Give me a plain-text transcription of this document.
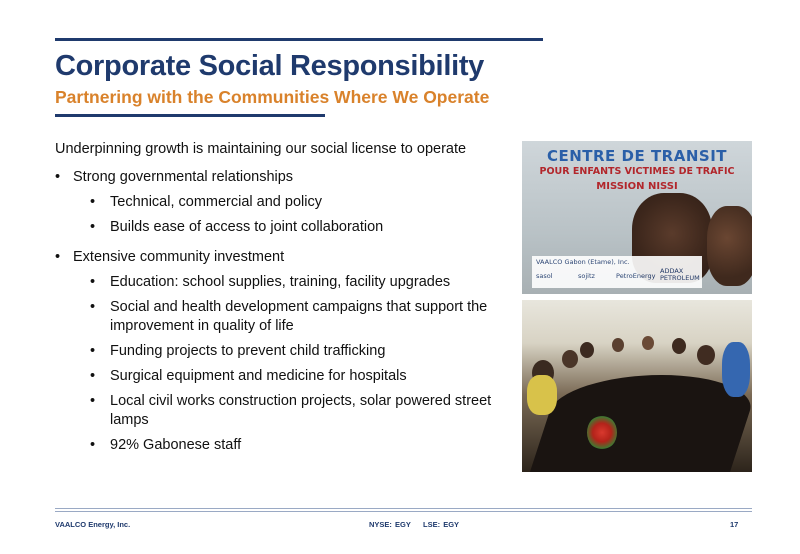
Corporate Social Responsibility
Partnering with the Communities Where We Operate

Underpinning growth is maintaining our social license to operate

• Strong governmental relationships
• Technical, commercial and policy
• Builds ease of access to joint collaboration
• Extensive community investment
• Education: school supplies, training, facility upgrades
• Social and health development campaigns that support the improvement in quality of life
• Funding projects to prevent child trafficking
• Surgical equipment and medicine for hospitals
• Local civil works construction projects, solar powered street lamps
• 92% Gabonese staff
CENTRE DE TRANSIT
POUR ENFANTS VICTIMES DE TRAFIC
MISSION NISSI
VAALCO Gabon (Etame), Inc.
sasol	sojitz	PetroEnergy
ADDAX PETROLEUM
VAALCO Energy, Inc.	NYSE: EGY    LSE: EGY	17
